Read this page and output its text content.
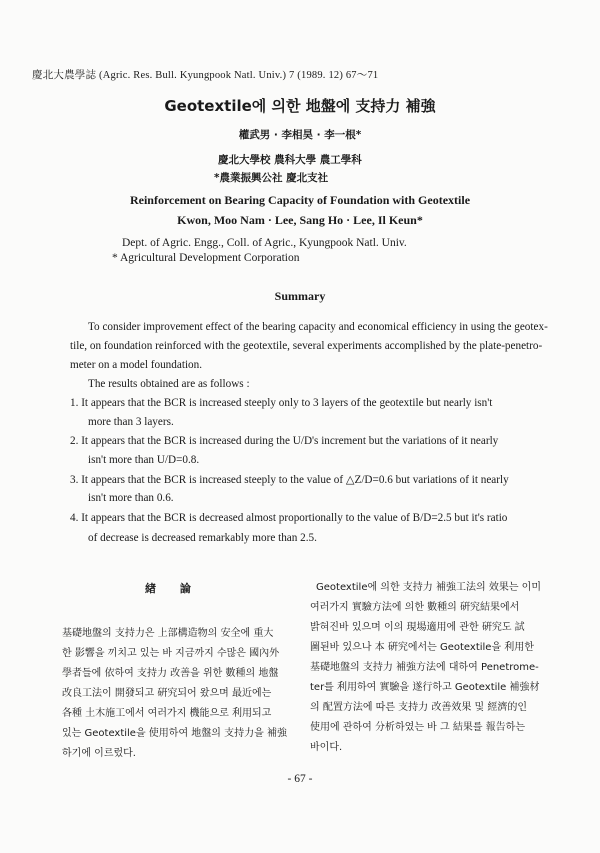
慶北大農學誌 (Agric. Res. Bull. Kyungpook Natl. Univ.) 7 (1989. 12) 67～71
Geotextile에 의한 地盤에 支持力 補強
權武男 · 李相昊 · 李一根*
慶北大學校 農科大學 農工學科
*農業振興公社 慶北支社
Reinforcement on Bearing Capacity of Foundation with Geotextile
Kwon, Moo Nam · Lee, Sang Ho · Lee, Il Keun*
Dept. of Agric. Engg., Coll. of Agric., Kyungpook Natl. Univ.
* Agricultural Development Corporation
Summary
To consider improvement effect of the bearing capacity and economical efficiency in using the geotex-
tile, on foundation reinforced with the geotextile, several experiments accomplished by the plate-penetro-
meter on a model foundation.
The results obtained are as follows :
1. It appears that the BCR is increased steeply only to 3 layers of the geotextile but nearly isn't
more than 3 layers.
2. It appears that the BCR is increased during the U/D's increment but the variations of it nearly
isn't more than U/D=0.8.
3. It appears that the BCR is increased steeply to the value of △Z/D=0.6 but variations of it nearly
isn't more than 0.6.
4. It appears that the BCR is decreased almost proportionally to the value of B/D=2.5 but it's ratio
of decrease is decreased remarkably more than 2.5.
緖 論
基礎地盤의 支持力은 上部構造物의 安全에 重大
한 影響을 끼치고 있는 바 지금까지 수많은 國內外
學者들에 依하여 支持力 改善을 위한 數種의 地盤
改良工法이 開發되고 硏究되어 왔으며 最近에는
各種 土木施工에서 여러가지 機能으로 利用되고
있는 Geotextile을 使用하여 地盤의 支持力을 補強
하기에 이르렀다.
Geotextile에 의한 支持力 補強工法의 效果는 이미
여러가지 實驗方法에 의한 數種의 硏究結果에서
밝혀진바 있으며 이의 現場適用에 관한 硏究도 試
圖된바 있으나 本 硏究에서는 Geotextile을 利用한
基礎地盤의 支持力 補強方法에 대하여 Penetrome-
ter를 利用하여 實驗을 遂行하고 Geotextile 補強材
의 配置方法에 따른 支持力 改善效果 및 經濟的인
使用에 관하여 分析하였는 바 그 結果를 報告하는
바이다.
- 67 -
